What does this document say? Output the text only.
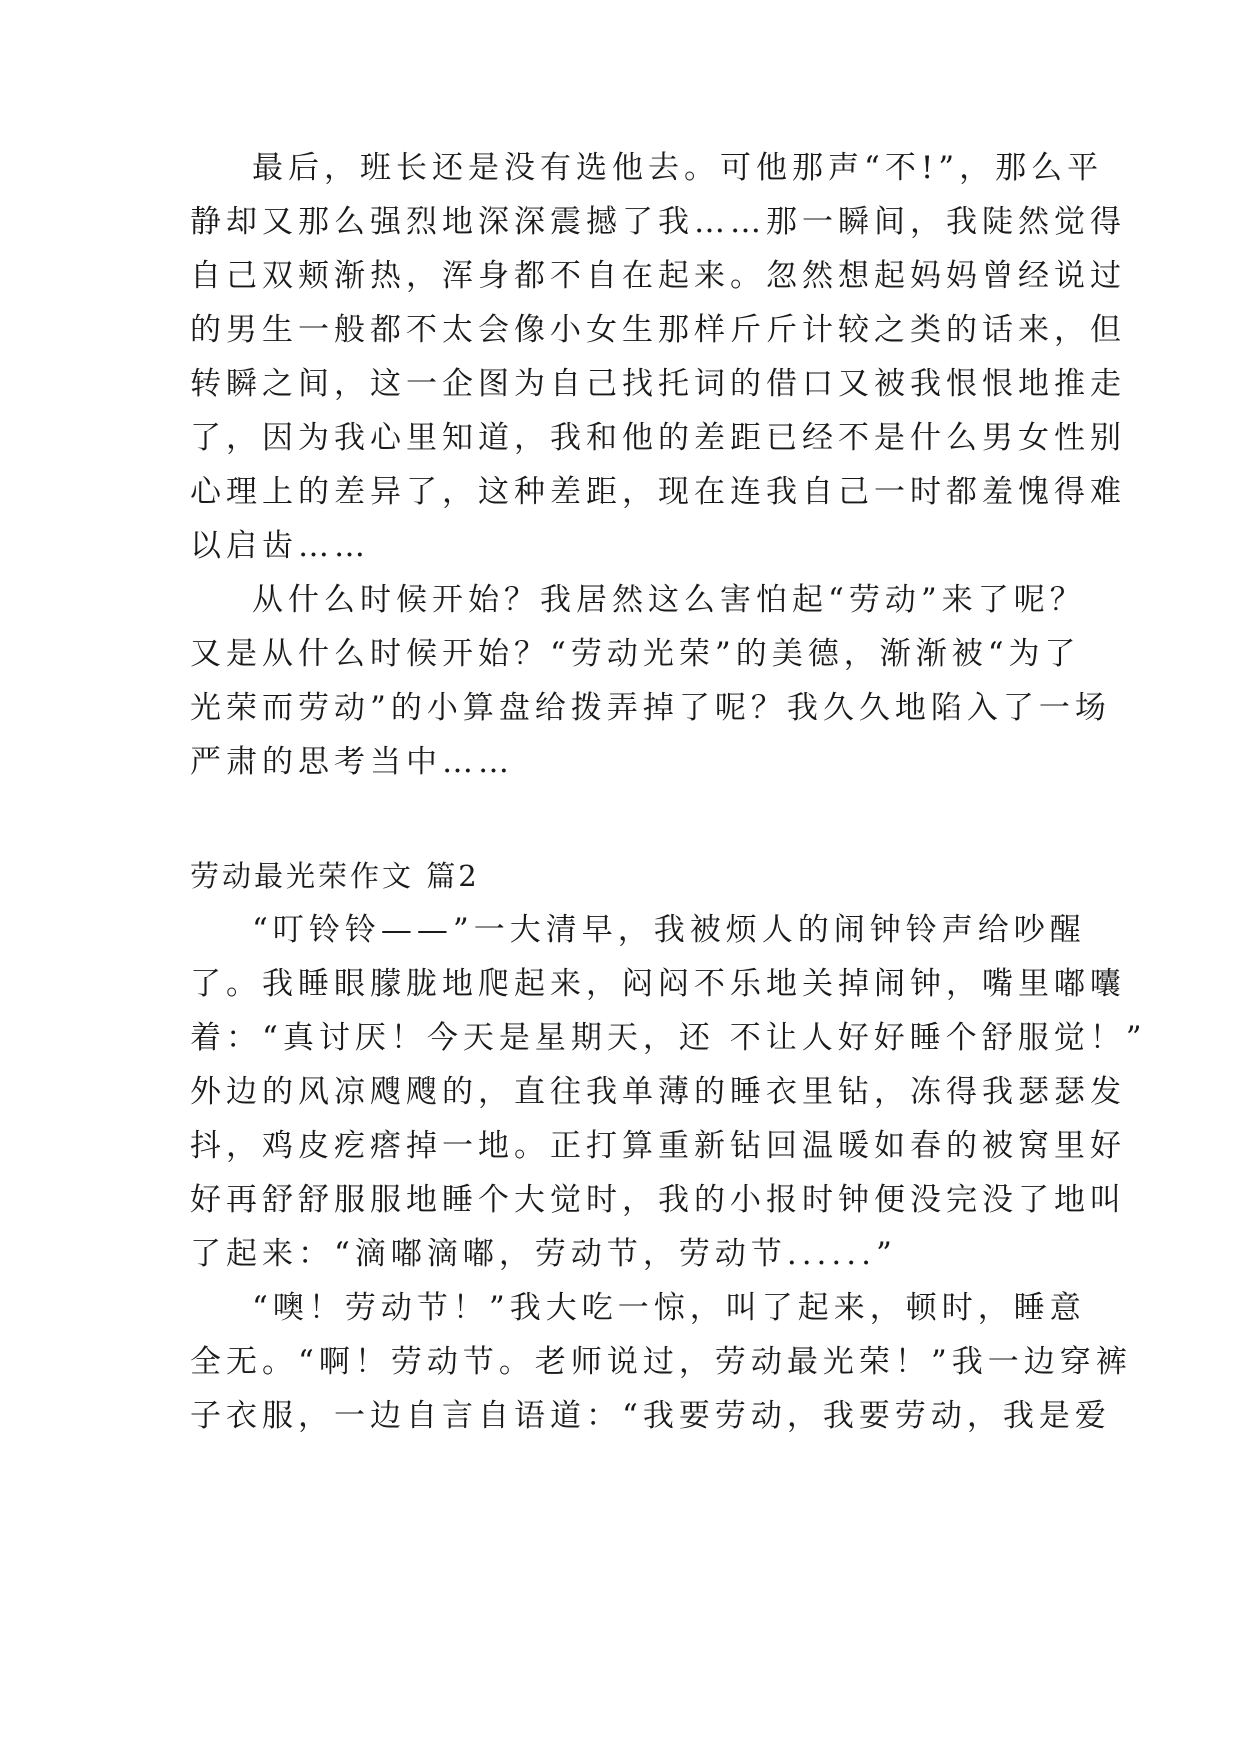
最后，班长还是没有选他去。可他那声“不!”，那么平
静却又那么强烈地深深震撼了我……那一瞬间，我陡然觉得
自己双颊渐热，浑身都不自在起来。忽然想起妈妈曾经说过
的男生一般都不太会像小女生那样斤斤计较之类的话来，但
转瞬之间，这一企图为自己找托词的借口又被我恨恨地推走
了，因为我心里知道，我和他的差距已经不是什么男女性别
心理上的差异了，这种差距，现在连我自己一时都羞愧得难
以启齿……
从什么时候开始？我居然这么害怕起“劳动”来了呢？
又是从什么时候开始？“劳动光荣”的美德，渐渐被“为了
光荣而劳动”的小算盘给拨弄掉了呢？我久久地陷入了一场
严肃的思考当中……
劳动最光荣作文 篇2
“叮铃铃——”一大清早，我被烦人的闹钟铃声给吵醒
了。我睡眼朦胧地爬起来，闷闷不乐地关掉闹钟，嘴里嘟囔
着：“真讨厌！今天是星期天，还 不让人好好睡个舒服觉！”
外边的风凉飕飕的，直往我单薄的睡衣里钻，冻得我瑟瑟发
抖，鸡皮疙瘩掉一地。正打算重新钻回温暖如春的被窝里好
好再舒舒服服地睡个大觉时，我的小报时钟便没完没了地叫
了起来：“滴嘟滴嘟，劳动节，劳动节......”
“噢！劳动节！”我大吃一惊，叫了起来，顿时，睡意
全无。“啊！劳动节。老师说过，劳动最光荣！”我一边穿裤
子衣服，一边自言自语道：“我要劳动，我要劳动，我是爱
